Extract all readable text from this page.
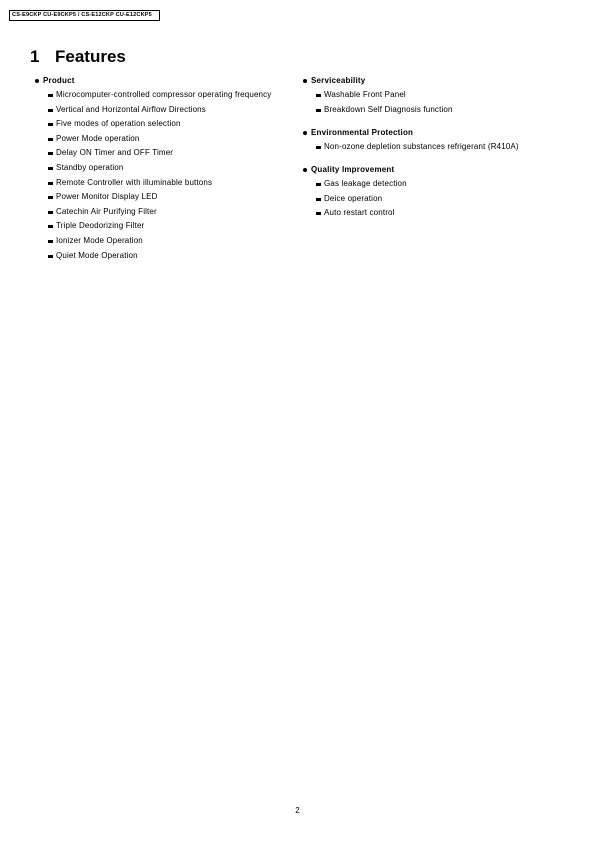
CS-E9CKP CU-E9CKP5 / CS-E12CKP CU-E12CKP5
1 Features
Product
Microcomputer-controlled compressor operating frequency
Vertical and Horizontal Airflow Directions
Five modes of operation selection
Power Mode operation
Delay ON Timer and OFF Timer
Standby operation
Remote Controller with illuminable buttons
Power Monitor Display LED
Catechin Air Purifying Filter
Triple Deodorizing Filter
Ionizer Mode Operation
Quiet Mode Operation
Serviceability
Washable Front Panel
Breakdown Self Diagnosis function
Environmental Protection
Non-ozone depletion substances refrigerant (R410A)
Quality Improvement
Gas leakage detection
Deice operation
Auto restart control
2
